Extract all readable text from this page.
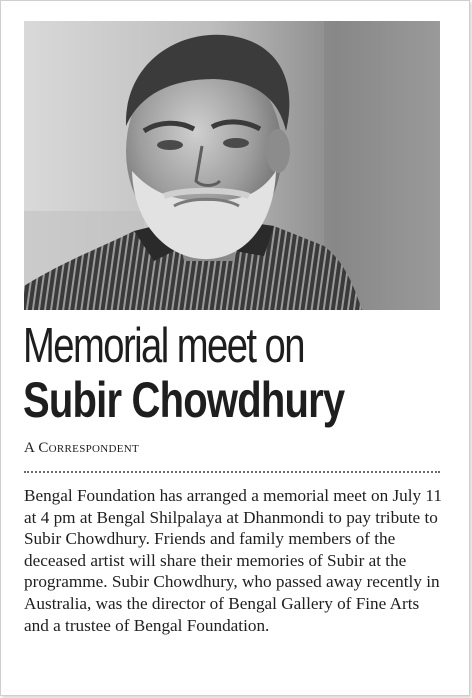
Memorial meet on
Subir Chowdhury
A Correspondent

Bengal Foundation has arranged a memorial meet on July 11 at 4 pm at Bengal Shilpalaya at Dhanmondi to pay tribute to Subir Chowdhury. Friends and family members of the deceased artist will share their memories of Subir at the programme. Subir Chowdhury, who passed away recently in Australia, was the director of Bengal Gallery of Fine Arts and a trustee of Bengal Foundation.
